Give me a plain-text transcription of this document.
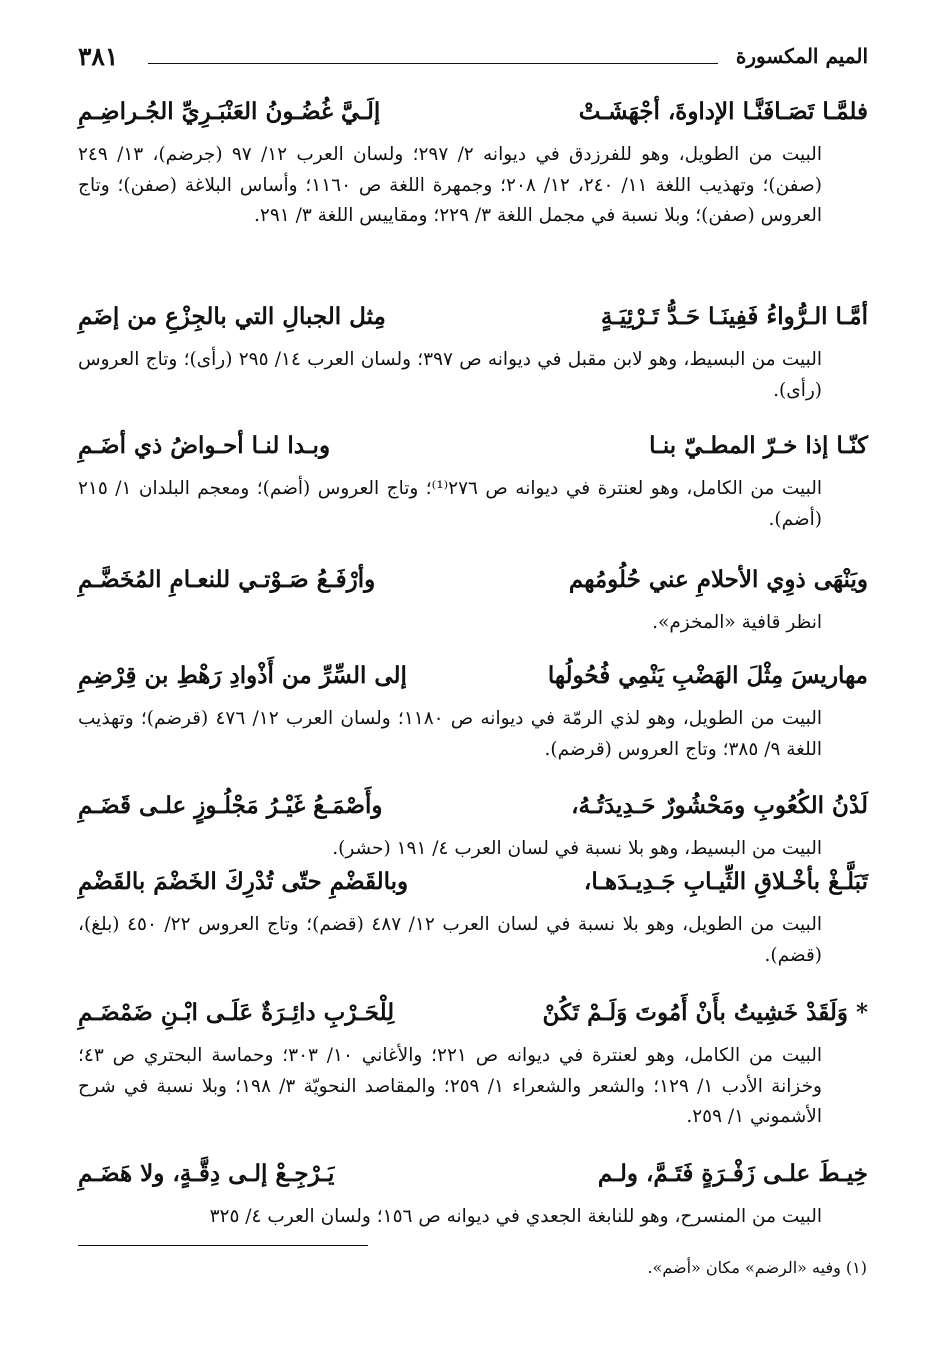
٣٨١	الميم المكسورة
فلمَّـا تَصَـافَنَّـا الإداوةَ، أجْهَشَـتْ
إلَـيَّ غُضُـونُ العَنْبَـرِيِّ الجُـراضِـمِ
البيت من الطويل، وهو للفرزدق في ديوانه ٢/ ٢٩٧؛ ولسان العرب ١٢/ ٩٧ (جرضم)، ١٣/ ٢٤٩ (صفن)؛ وتهذيب اللغة ١١/ ٢٤٠، ١٢/ ٢٠٨؛ وجمهرة اللغة ص ١١٦٠؛ وأساس البلاغة (صفن)؛ وتاج العروس (صفن)؛ وبلا نسبة في مجمل اللغة ٣/ ٢٢٩؛ ومقاييس اللغة ٣/ ٢٩١.
أمَّـا الـرُّواءُ فَفِينَـا حَـدُّ تَـرْئِيَـةٍ
مِثل الجبالِ التي بالجِزْعِ من إضَمِ
البيت من البسيط، وهو لابن مقبل في ديوانه ص ٣٩٧؛ ولسان العرب ١٤/ ٢٩٥ (رأى)؛ وتاج العروس (رأى).
كنّـا إذا خـرّ المطـيّ بنـا
وبـدا لنـا أحـواضُ ذي أضَـمِ
البيت من الكامل، وهو لعنترة في ديوانه ص ٢٧٦⁽¹⁾؛ وتاج العروس (أضم)؛ ومعجم البلدان ١/ ٢١٥ (أضم).
ويَنْهَى ذوِي الأحلامِ عني حُلُومُهم
وأرْفَـعُ صَـوْتـي للنعـامِ المُخَضَّـمِ
انظر قافية «المخزم».
مهاريسَ مِثْلَ الهَضْبِ يَنْمِي فُحُولُها
إلى السِّرِّ من أَذْوادِ رَهْطِ بن قِرْضِمِ
البيت من الطويل، وهو لذي الرمّة في ديوانه ص ١١٨٠؛ ولسان العرب ١٢/ ٤٧٦ (قرضم)؛ وتهذيب اللغة ٩/ ٣٨٥؛ وتاج العروس (قرضم).
لَدْنُ الكُعُوبِ ومَحْشُورٌ حَـدِيدَتُـهُ،
وأَصْمَـعُ غَيْـرُ مَجْلُـوزٍ علـى قَضَـمِ
البيت من البسيط، وهو بلا نسبة في لسان العرب ٤/ ١٩١ (حشر).
تَبَلَّـغْ بأخْـلاقِ الثِّيـابِ جَـدِيـدَهـا،
وبالقَضْمِ حتّى تُدْرِكَ الخَضْمَ بالقَضْمِ
البيت من الطويل، وهو بلا نسبة في لسان العرب ١٢/ ٤٨٧ (قضم)؛ وتاج العروس ٢٢/ ٤٥٠ (بلغ)، (قضم).
* وَلَقَدْ خَشِيتُ بأَنْ أَمُوتَ وَلَـمْ تَكُنْ
لِلْحَـرْبِ دائِـرَةٌ عَلَـى ابْـنِ ضَمْضَـمِ
البيت من الكامل، وهو لعنترة في ديوانه ص ٢٢١؛ والأغاني ١٠/ ٣٠٣؛ وحماسة البحتري ص ٤٣؛ وخزانة الأدب ١/ ١٢٩؛ والشعر والشعراء ١/ ٢٥٩؛ والمقاصد النحويّة ٣/ ١٩٨؛ وبلا نسبة في شرح الأشموني ١/ ٢٥٩.
خِيـطَ علـى زَفْـرَةٍ فَتَـمَّ، ولـم
يَـرْجِـعْ إلـى دِقَّـةٍ، ولا هَضَـمِ
البيت من المنسرح، وهو للنابغة الجعدي في ديوانه ص ١٥٦؛ ولسان العرب ٤/ ٣٢٥
(١) وفيه «الرضم» مكان «أضم».
